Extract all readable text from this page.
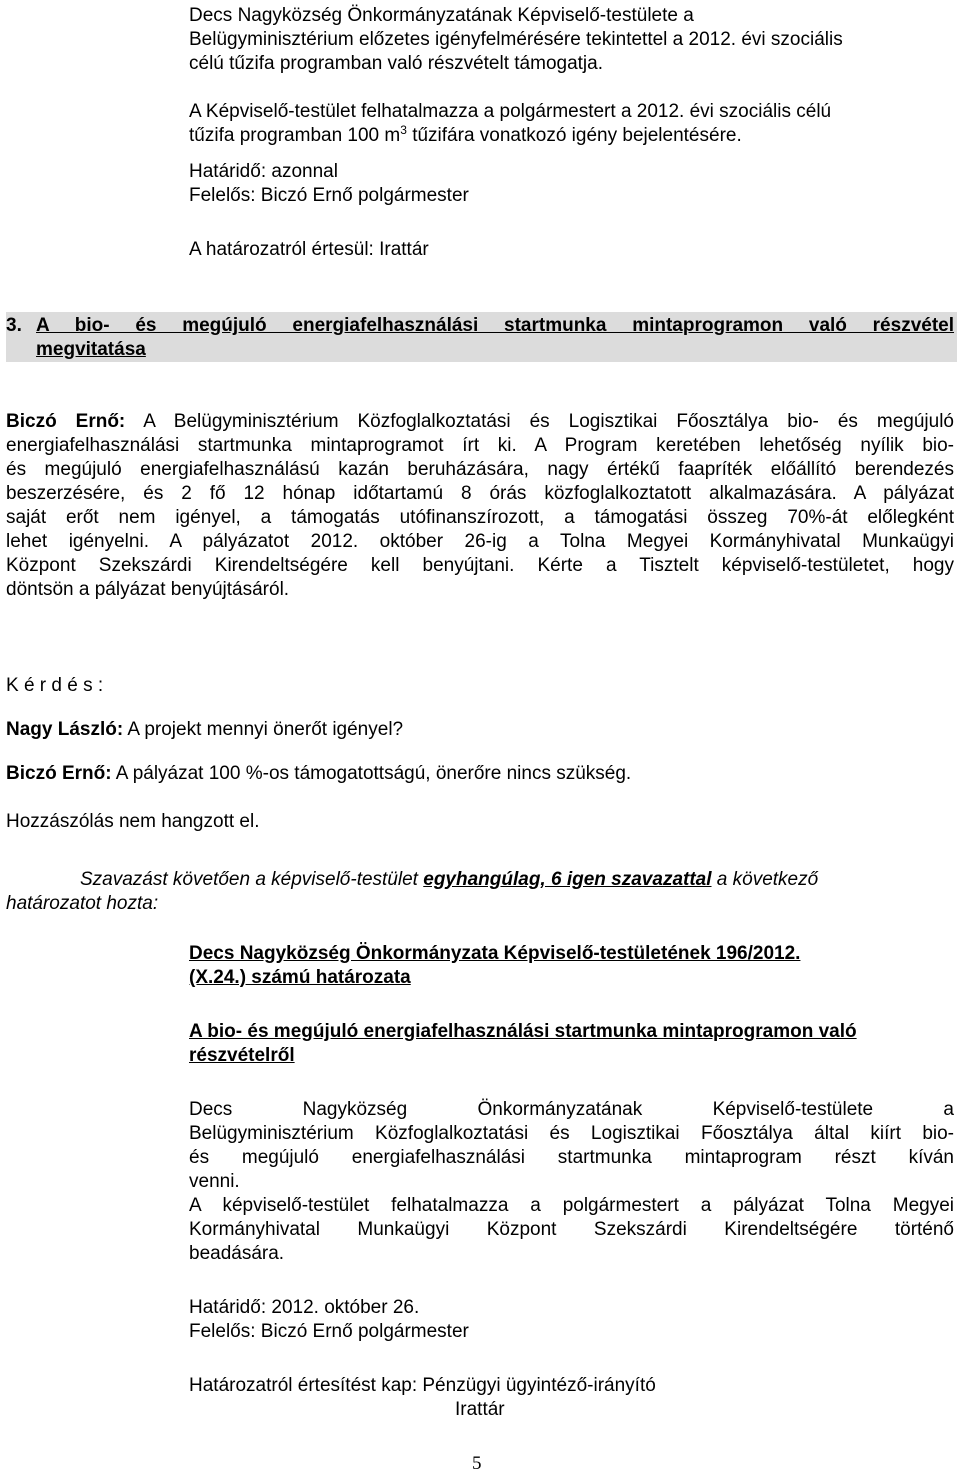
Decs Nagyközség Önkormányzatának Képviselő-testülete a
Belügyminisztérium előzetes igényfelmérésére tekintettel a 2012. évi szociális
célú tűzifa programban való részvételt támogatja.
A Képviselő-testület felhatalmazza a polgármestert a 2012. évi szociális célú
tűzifa programban 100 $m^3$ tűzifára vonatkozó igény bejelentésére.
Határidő: azonnal
Felelős: Biczó Ernő polgármester
A határozatról értesül: Irattár
3. A bio- és megújuló energiafelhasználási startmunka mintaprogramon való részvétel
megvitatása
Biczó Ernő: A Belügyminisztérium Közfoglalkoztatási és Logisztikai Főosztálya bio- és megújuló
energiafelhasználási startmunka mintaprogramot írt ki. A Program keretében lehetőség nyílik bio-
és megújuló energiafelhasználású kazán beruházására, nagy értékű faapríték előállító berendezés
beszerzésére, és 2 fő 12 hónap időtartamú 8 órás közfoglalkoztatott alkalmazására. A pályázat
saját erőt nem igényel, a támogatás utófinanszírozott, a támogatási összeg 70%-át előlegként
lehet igényelni. A pályázatot 2012. október 26-ig a Tolna Megyei Kormányhivatal Munkaügyi
Központ Szekszárdi Kirendeltségére kell benyújtani. Kérte a Tisztelt képviselő-testületet, hogy
döntsön a pályázat benyújtásáról.
K é r d é s :
Nagy László: A projekt mennyi önerőt igényel?
Biczó Ernő: A pályázat 100 %-os támogatottságú, önerőre nincs szükség.
Hozzászólás nem hangzott el.
Szavazást követően a képviselő-testület egyhangúlag, 6 igen szavazattal a következő
határozatot hozta:
Decs Nagyközség Önkormányzata Képviselő-testületének 196/2012.
(X.24.) számú határozata
A bio- és megújuló energiafelhasználási startmunka mintaprogramon való
részvételről
Decs Nagyközség Önkormányzatának Képviselő-testülete a
Belügyminisztérium Közfoglalkoztatási és Logisztikai Főosztálya által kiírt bio-
és megújuló energiafelhasználási startmunka mintaprogram részt kíván
venni.
A képviselő-testület felhatalmazza a polgármestert a pályázat Tolna Megyei
Kormányhivatal Munkaügyi Központ Szekszárdi Kirendeltségére történő
beadására.
Határidő: 2012. október 26.
Felelős: Biczó Ernő polgármester
Határozatról értesítést kap: Pénzügyi ügyintéző-irányító
Irattár
5
